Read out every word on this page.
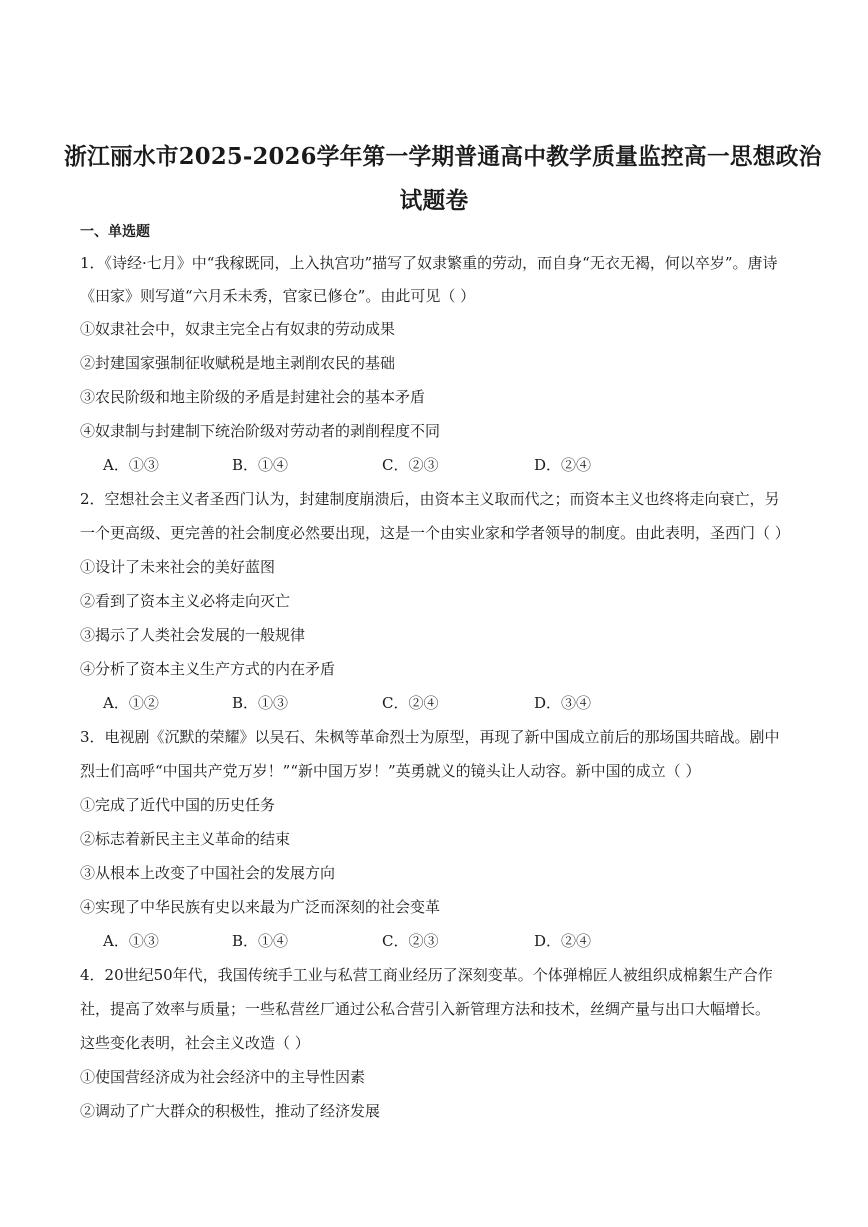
浙江丽水市2025-2026学年第一学期普通高中教学质量监控高一思想政治
试题卷
一、单选题
1．《诗经·七月》中“我稼既同，上入执宫功”描写了奴隶繁重的劳动，而自身“无衣无褐，何以卒岁”。唐诗
《田家》则写道“六月禾未秀，官家已修仓”。由此可见（ ）
①奴隶社会中，奴隶主完全占有奴隶的劳动成果
②封建国家强制征收赋税是地主剥削农民的基础
③农民阶级和地主阶级的矛盾是封建社会的基本矛盾
④奴隶制与封建制下统治阶级对劳动者的剥削程度不同
A．①③	B．①④	C．②③	D．②④
2．空想社会主义者圣西门认为，封建制度崩溃后，由资本主义取而代之；而资本主义也终将走向衰亡，另
一个更高级、更完善的社会制度必然要出现，这是一个由实业家和学者领导的制度。由此表明，圣西门（ ）
①设计了未来社会的美好蓝图
②看到了资本主义必将走向灭亡
③揭示了人类社会发展的一般规律
④分析了资本主义生产方式的内在矛盾
A．①②	B．①③	C．②④	D．③④
3．电视剧《沉默的荣耀》以吴石、朱枫等革命烈士为原型，再现了新中国成立前后的那场国共暗战。剧中
烈士们高呼“中国共产党万岁！”“新中国万岁！”英勇就义的镜头让人动容。新中国的成立（ ）
①完成了近代中国的历史任务
②标志着新民主主义革命的结束
③从根本上改变了中国社会的发展方向
④实现了中华民族有史以来最为广泛而深刻的社会变革
A．①③	B．①④	C．②③	D．②④
4．20世纪50年代，我国传统手工业与私营工商业经历了深刻变革。个体弹棉匠人被组织成棉絮生产合作
社，提高了效率与质量；一些私营丝厂通过公私合营引入新管理方法和技术，丝绸产量与出口大幅增长。
这些变化表明，社会主义改造（ ）
①使国营经济成为社会经济中的主导性因素
②调动了广大群众的积极性，推动了经济发展
